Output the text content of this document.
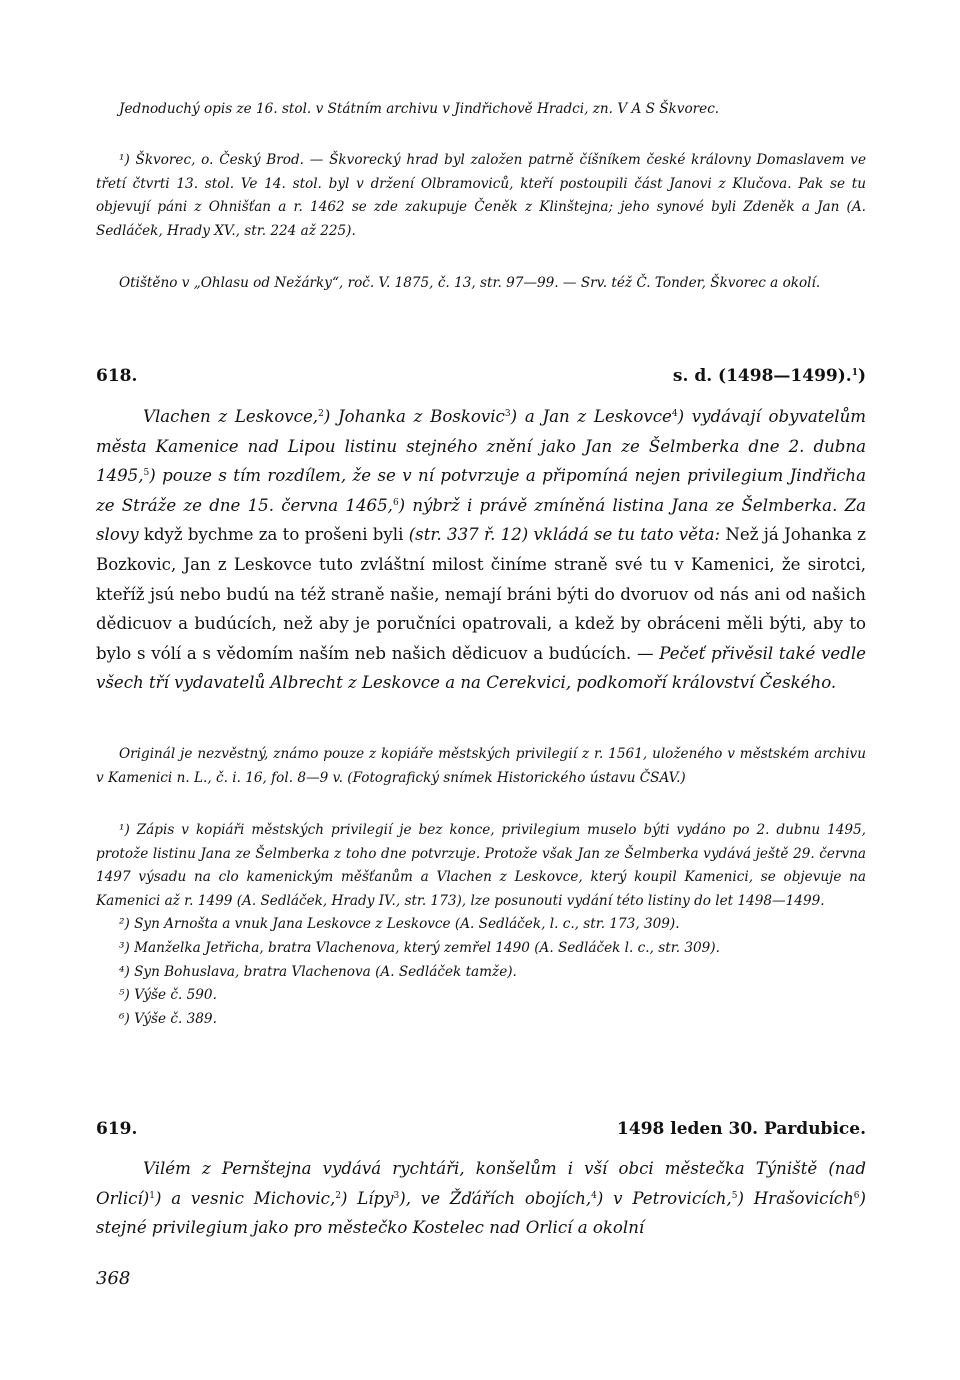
Jednoduchý opis ze 16. stol. v Státním archivu v Jindřichově Hradci, zn. V A S Škvorec.

¹) Škvorec, o. Český Brod. — Škvorecký hrad byl založen patrně číšníkem české královny Domaslavem ve třetí čtvrti 13. stol. Ve 14. stol. byl v držení Olbramoviců, kteří postoupili část Janovi z Klučova. Pak se tu objevují páni z Ohnišťan a r. 1462 se zde zakupuje Čeněk z Klinštejna; jeho synové byli Zdeněk a Jan (A. Sedláček, Hrady XV., str. 224 až 225).

Otištěno v „Ohlasu od Nežárky“, roč. V. 1875, č. 13, str. 97—99. — Srv. též Č. Tonder, Škvorec a okolí.

618.	s. d. (1498—1499).$^1$)

Vlachen z Leskovce,$^2$) Johanka z Boskovic$^3$) a Jan z Leskovce$^4$) vydávají obyvatelům města Kamenice nad Lipou listinu stejného znění jako Jan ze Šelmberka dne 2. dubna 1495,$^5$) pouze s tím rozdílem, že se v ní potvrzuje a připomíná nejen privilegium Jindřicha ze Stráže ze dne 15. června 1465,$^6$) nýbrž i právě zmíněná listina Jana ze Šelmberka. Za slovy když bychme za to prošeni byli (str. 337 ř. 12) vkládá se tu tato věta: Než já Johanka z Bozkovic, Jan z Leskovce tuto zvláštní milost činíme straně své tu v Kamenici, že sirotci, kteříž jsú nebo budú na též straně našie, nemají bráni býti do dvoruov od nás ani od našich dědicuov a budúcích, než aby je poručníci opatrovali, a kdež by obráceni měli býti, aby to bylo s vólí a s vědomím naším neb našich dědicuov a budúcích. — Pečeť přivěsil také vedle všech tří vydavatelů Albrecht z Leskovce a na Cerekvici, podkomoří království Českého.

Originál je nezvěstný, známo pouze z kopiáře městských privilegií z r. 1561, uloženého v městském archivu v Kamenici n. L., č. i. 16, fol. 8—9 v. (Fotografický snímek Historického ústavu ČSAV.)

¹) Zápis v kopiáři městských privilegií je bez konce, privilegium muselo býti vydáno po 2. dubnu 1495, protože listinu Jana ze Šelmberka z toho dne potvrzuje. Protože však Jan ze Šelmberka vydává ještě 29. června 1497 výsadu na clo kamenickým měšťanům a Vlachen z Leskovce, který koupil Kamenici, se objevuje na Kamenici až r. 1499 (A. Sedláček, Hrady IV., str. 173), lze posunouti vydání této listiny do let 1498—1499.

²) Syn Arnošta a vnuk Jana Leskovce z Leskovce (A. Sedláček, l. c., str. 173, 309).

³) Manželka Jetřicha, bratra Vlachenova, který zemřel 1490 (A. Sedláček l. c., str. 309).

⁴) Syn Bohuslava, bratra Vlachenova (A. Sedláček tamže).

⁵) Výše č. 590.

⁶) Výše č. 389.

619.	1498 leden 30. Pardubice.

Vilém z Pernštejna vydává rychtáři, konšelům i vší obci městečka Týniště (nad Orlicí)$^1$) a vesnic Michovic,$^2$) Lípy$^3$), ve Žďářích obojích,$^4$) v Petrovicích,$^5$) Hrašovicích$^6$) stejné privilegium jako pro městečko Kostelec nad Orlicí a okolní

368
